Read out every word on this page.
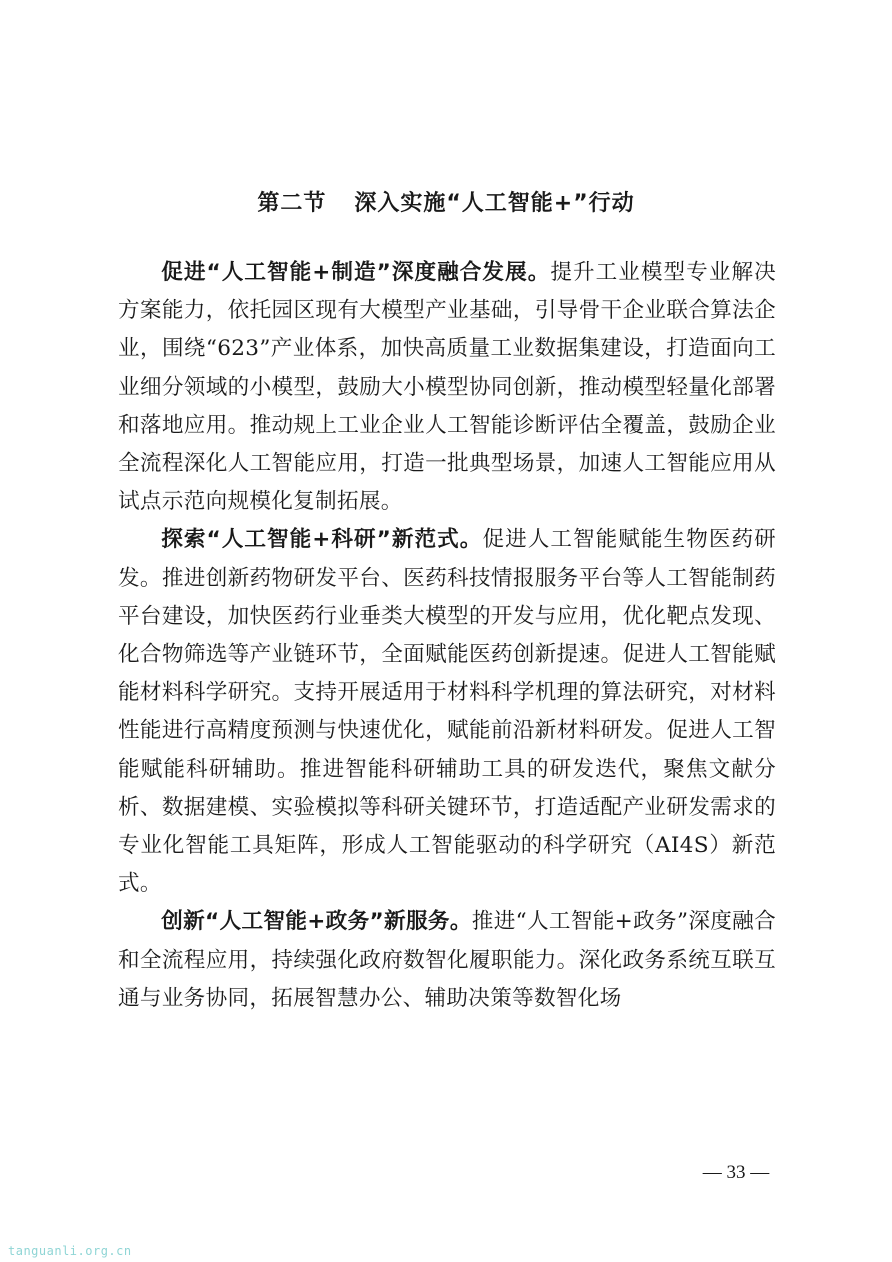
第二节 深入实施“人工智能+”行动

促进“人工智能+制造”深度融合发展。提升工业模型专业解决方案能力，依托园区现有大模型产业基础，引导骨干企业联合算法企业，围绕“623”产业体系，加快高质量工业数据集建设，打造面向工业细分领域的小模型，鼓励大小模型协同创新，推动模型轻量化部署和落地应用。推动规上工业企业人工智能诊断评估全覆盖，鼓励企业全流程深化人工智能应用，打造一批典型场景，加速人工智能应用从试点示范向规模化复制拓展。

探索“人工智能+科研”新范式。促进人工智能赋能生物医药研发。推进创新药物研发平台、医药科技情报服务平台等人工智能制药平台建设，加快医药行业垂类大模型的开发与应用，优化靶点发现、化合物筛选等产业链环节，全面赋能医药创新提速。促进人工智能赋能材料科学研究。支持开展适用于材料科学机理的算法研究，对材料性能进行高精度预测与快速优化，赋能前沿新材料研发。促进人工智能赋能科研辅助。推进智能科研辅助工具的研发迭代，聚焦文献分析、数据建模、实验模拟等科研关键环节，打造适配产业研发需求的专业化智能工具矩阵，形成人工智能驱动的科学研究（AI4S）新范式。

创新“人工智能+政务”新服务。推进“人工智能+政务”深度融合和全流程应用，持续强化政府数智化履职能力。深化政务系统互联互通与业务协同，拓展智慧办公、辅助决策等数智化场

— 33 —
tanguanli.org.cn
